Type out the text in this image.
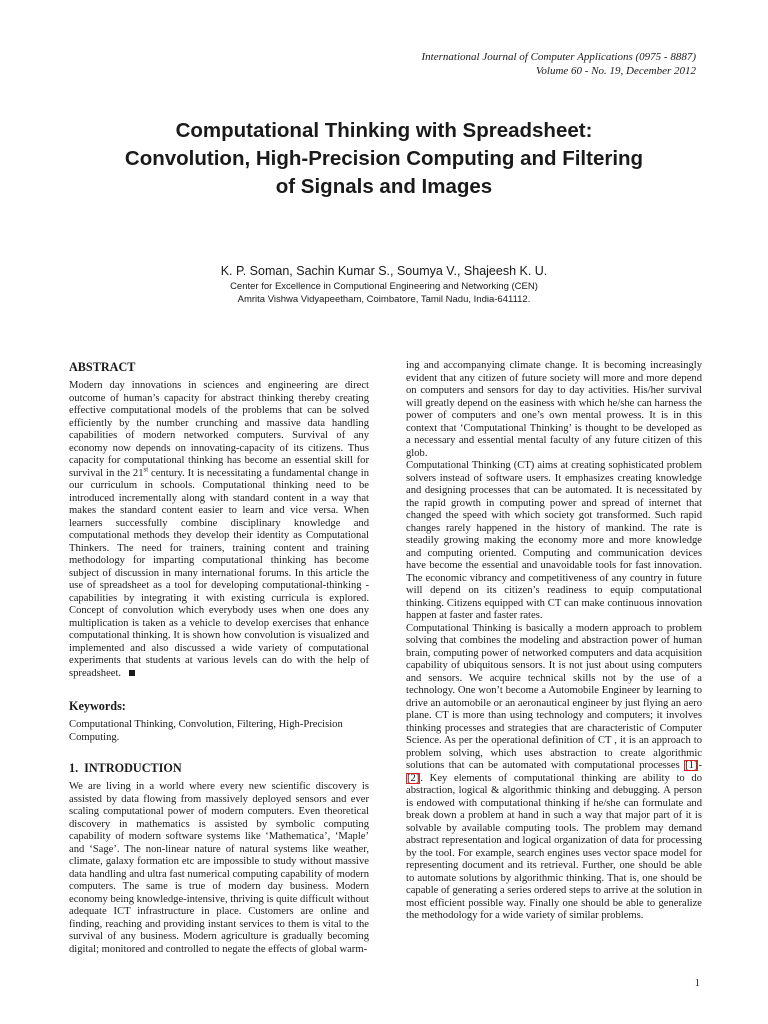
International Journal of Computer Applications (0975 - 8887)
Volume 60 - No. 19, December 2012
Computational Thinking with Spreadsheet:
Convolution, High-Precision Computing and Filtering
of Signals and Images
K. P. Soman, Sachin Kumar S., Soumya V., Shajeesh K. U.
Center for Excellence in Computional Engineering and Networking (CEN)
Amrita Vishwa Vidyapeetham, Coimbatore, Tamil Nadu, India-641112.
ABSTRACT

Modern day innovations in sciences and engineering are direct outcome of human’s capacity for abstract thinking thereby creating effective computational models of the problems that can be solved efficiently by the number crunching and massive data handling capabilities of modern networked computers. Survival of any economy now depends on innovating-capacity of its citizens. Thus capacity for computational thinking has become an essential skill for survival in the 21st century. It is necessitating a fundamental change in our curriculum in schools. Computational thinking need to be introduced incrementally along with standard content in a way that makes the standard content easier to learn and vice versa. When learners successfully combine disciplinary knowledge and computational methods they develop their identity as Computational Thinkers. The need for trainers, training content and training methodology for imparting computational thinking has become subject of discussion in many international forums. In this article the use of spreadsheet as a tool for developing computational-thinking -capabilities by integrating it with existing curricula is explored. Concept of convolution which everybody uses when one does any multiplication is taken as a vehicle to develop exercises that enhance computational thinking. It is shown how convolution is visualized and implemented and also discussed a wide variety of computational experiments that students at various levels can do with the help of spreadsheet.

Keywords:

Computational Thinking, Convolution, Filtering, High-Precision Computing.

1. INTRODUCTION

We are living in a world where every new scientific discovery is assisted by data flowing from massively deployed sensors and ever scaling computational power of modern computers. Even theoretical discovery in mathematics is assisted by symbolic computing capability of modern software systems like ‘Mathematica’, ‘Maple’ and ‘Sage’. The non-linear nature of natural systems like weather, climate, galaxy formation etc are impossible to study without massive data handling and ultra fast numerical computing capability of modern computers. The same is true of modern day business. Modern economy being knowledge-intensive, thriving is quite difficult without adequate ICT infrastructure in place. Customers are online and finding, reaching and providing instant services to them is vital to the survival of any business. Modern agriculture is gradually becoming digital; monitored and controlled to negate the effects of global warm-

ing and accompanying climate change. It is becoming increasingly evident that any citizen of future society will more and more depend on computers and sensors for day to day activities. His/her survival will greatly depend on the easiness with which he/she can harness the power of computers and one’s own mental prowess. It is in this context that ‘Computational Thinking’ is thought to be developed as a necessary and essential mental faculty of any future citizen of this glob.

Computational Thinking (CT) aims at creating sophisticated problem solvers instead of software users. It emphasizes creating knowledge and designing processes that can be automated. It is necessitated by the rapid growth in computing power and spread of internet that changed the speed with which society got transformed. Such rapid changes rarely happened in the history of mankind. The rate is steadily growing making the economy more and more knowledge and computing oriented. Computing and communication devices have become the essential and unavoidable tools for fast innovation. The economic vibrancy and competitiveness of any country in future will depend on its citizen’s readiness to equip computational thinking. Citizens equipped with CT can make continuous innovation happen at faster and faster rates.

Computational Thinking is basically a modern approach to problem solving that combines the modeling and abstraction power of human brain, computing power of networked computers and data acquisition capability of ubiquitous sensors. It is not just about using computers and sensors. We acquire technical skills not by the use of a technology. One won’t become a Automobile Engineer by learning to drive an automobile or an aeronautical engineer by just flying an aero plane. CT is more than using technology and computers; it involves thinking processes and strategies that are characteristic of Computer Science. As per the operational definition of CT , it is an approach to problem solving, which uses abstraction to create algorithmic solutions that can be automated with computational processes [1]-[2]. Key elements of computational thinking are ability to do abstraction, logical & algorithmic thinking and debugging. A person is endowed with computational thinking if he/she can formulate and break down a problem at hand in such a way that major part of it is solvable by available computing tools. The problem may demand abstract representation and logical organization of data for processing by the tool. For example, search engines uses vector space model for representing document and its retrieval. Further, one should be able to automate solutions by algorithmic thinking. That is, one should be capable of generating a series ordered steps to arrive at the solution in most efficient possible way. Finally one should be able to generalize the methodology for a wide variety of similar problems.

1
